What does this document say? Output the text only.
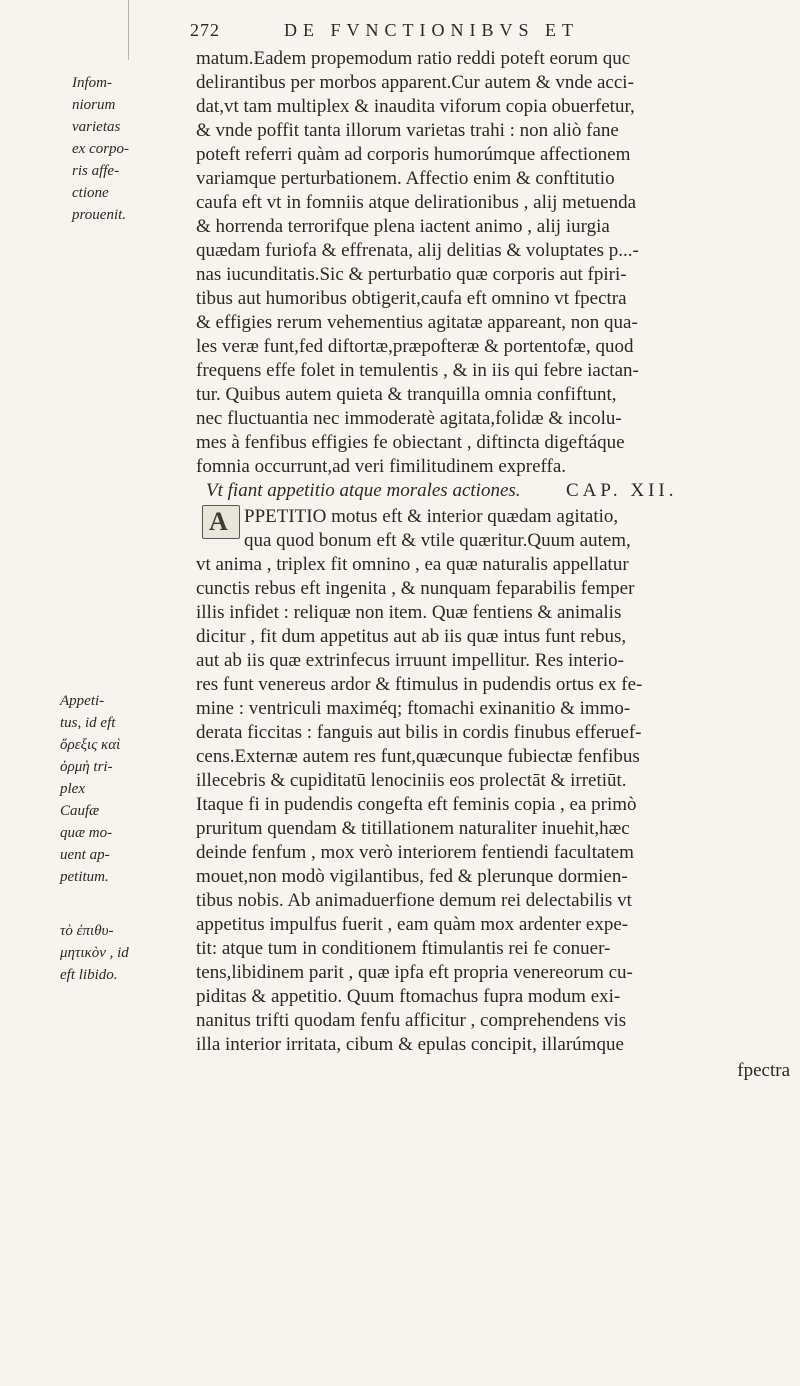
272	DE FVNCTIONIBVS ET
Infom-
niorum
varietas
ex corpo-
ris affe-
ctione
prouenit.
Appeti-
tus, id eft
ὄρεξις καὶ
ὁρμὴ tri-
plex
Caufæ
quæ mo-
uent ap-
petitum.
τὸ ἐπιθυ-
μητικὸν , id
eft libido.
matum.Eadem propemodum ratio reddi poteft eorum quc
delirantibus per morbos apparent.Cur autem & vnde acci-
dat,vt tam multiplex & inaudita viforum copia obuerfetur,
& vnde poffit tanta illorum varietas trahi : non aliò fane
poteft referri quàm ad corporis humorúmque affectionem
variamque perturbationem. Affectio enim & conftitutio
caufa eft vt in fomniis atque delirationibus , alij metuenda
& horrenda terrorifque plena iactent animo , alij iurgia
quædam furiofa & effrenata, alij delitias & voluptates p...-
nas iucunditatis.Sic & perturbatio quæ corporis aut fpiri-
tibus aut humoribus obtigerit,caufa eft omnino vt fpectra
& effigies rerum vehementius agitatæ appareant, non qua-
les veræ funt,fed diftortæ,præpofteræ & portentofæ, quod
frequens effe folet in temulentis , & in iis qui febre iactan-
tur. Quibus autem quieta & tranquilla omnia confiftunt,
nec fluctuantia nec immoderatè agitata,folidæ & incolu-
mes à fenfibus effigies fe obiectant , diftincta digeftáque
fomnia occurrunt,ad veri fimilitudinem expreffa.
Vt fiant appetitio atque morales actiones. CAP. XII.
A PPETITIO motus eft & interior quædam agitatio,
qua quod bonum eft & vtile quæritur.Quum autem,
vt anima , triplex fit omnino , ea quæ naturalis appellatur
cunctis rebus eft ingenita , & nunquam feparabilis femper
illis infidet : reliquæ non item. Quæ fentiens & animalis
dicitur , fit dum appetitus aut ab iis quæ intus funt rebus,
aut ab iis quæ extrinfecus irruunt impellitur. Res interio-
res funt venereus ardor & ftimulus in pudendis ortus ex fe-
mine : ventriculi maximéq; ftomachi exinanitio & immo-
derata ficcitas : fanguis aut bilis in cordis finubus efferuef-
cens.Externæ autem res funt,quæcunque fubiectæ fenfibus
illecebris & cupiditatū lenociniis eos prolectāt & irretiūt.
Itaque fi in pudendis congefta eft feminis copia , ea primò
pruritum quendam & titillationem naturaliter inuehit,hæc
deinde fenfum , mox verò interiorem fentiendi facultatem
mouet,non modò vigilantibus, fed & plerunque dormien-
tibus nobis. Ab animaduerfione demum rei delectabilis vt
appetitus impulfus fuerit , eam quàm mox ardenter expe-
tit: atque tum in conditionem ftimulantis rei fe conuer-
tens,libidinem parit , quæ ipfa eft propria venereorum cu-
piditas & appetitio. Quum ftomachus fupra modum exi-
nanitus trifti quodam fenfu afficitur , comprehendens vis
illa interior irritata, cibum & epulas concipit, illarúmque
fpectra
